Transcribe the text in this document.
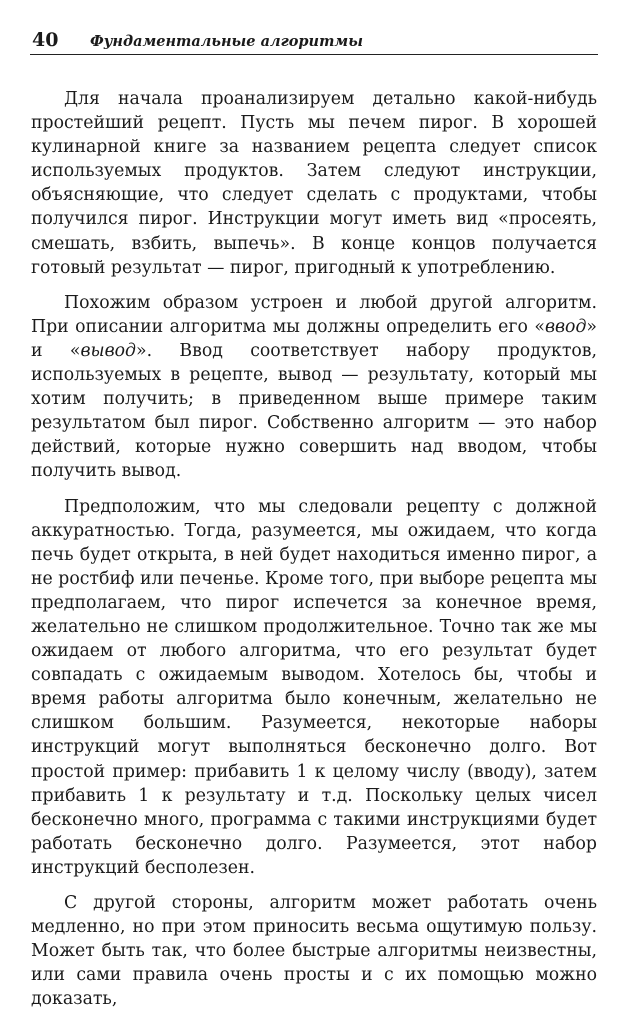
40 Фундаментальные алгоритмы

Для начала проанализируем детально какой-нибудь простейший рецепт. Пусть мы печем пирог. В хорошей кулинарной книге за названием рецепта следует список используемых продуктов. Затем следуют инструкции, объясняющие, что следует сделать с продуктами, чтобы получился пирог. Инструкции могут иметь вид «просеять, смешать, взбить, выпечь». В конце концов получается готовый результат — пирог, пригодный к употреблению.

Похожим образом устроен и любой другой алгоритм. При описании алгоритма мы должны определить его «ввод» и «вывод». Ввод соответствует набору продуктов, используемых в рецепте, вывод — результату, который мы хотим получить; в приведенном выше примере таким результатом был пирог. Собственно алгоритм — это набор действий, которые нужно совершить над вводом, чтобы получить вывод.

Предположим, что мы следовали рецепту с должной аккуратностью. Тогда, разумеется, мы ожидаем, что когда печь будет открыта, в ней будет находиться именно пирог, а не ростбиф или печенье. Кроме того, при выборе рецепта мы предполагаем, что пирог испечется за конечное время, желательно не слишком продолжительное. Точно так же мы ожидаем от любого алгоритма, что его результат будет совпадать с ожидаемым выводом. Хотелось бы, чтобы и время работы алгоритма было конечным, желательно не слишком большим. Разумеется, некоторые наборы инструкций могут выполняться бесконечно долго. Вот простой пример: прибавить 1 к целому числу (вводу), затем прибавить 1 к результату и т.д. Поскольку целых чисел бесконечно много, программа с такими инструкциями будет работать бесконечно долго. Разумеется, этот набор инструкций бесполезен.

С другой стороны, алгоритм может работать очень медленно, но при этом приносить весьма ощутимую пользу. Может быть так, что более быстрые алгоритмы неизвестны, или сами правила очень просты и с их помощью можно доказать,
